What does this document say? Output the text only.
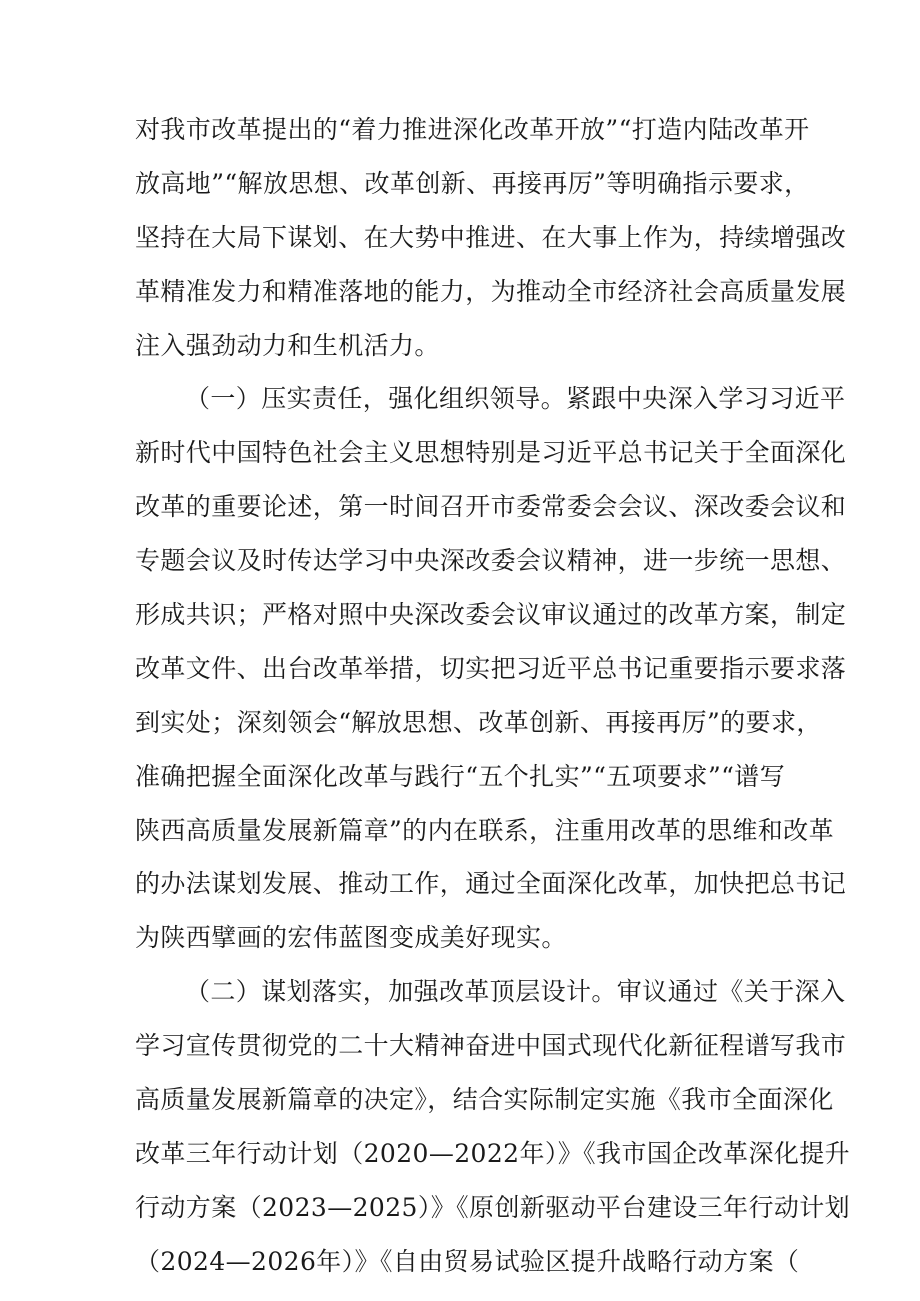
对我市改革提出的“着力推进深化改革开放”“打造内陆改革开
放高地”“解放思想、改革创新、再接再厉”等明确指示要求，
坚持在大局下谋划、在大势中推进、在大事上作为，持续增强改
革精准发力和精准落地的能力，为推动全市经济社会高质量发展
注入强劲动力和生机活力。
（一）压实责任，强化组织领导。紧跟中央深入学习习近平
新时代中国特色社会主义思想特别是习近平总书记关于全面深化
改革的重要论述，第一时间召开市委常委会会议、深改委会议和
专题会议及时传达学习中央深改委会议精神，进一步统一思想、
形成共识；严格对照中央深改委会议审议通过的改革方案，制定
改革文件、出台改革举措，切实把习近平总书记重要指示要求落
到实处；深刻领会“解放思想、改革创新、再接再厉”的要求，
准确把握全面深化改革与践行“五个扎实”“五项要求”“谱写
陕西高质量发展新篇章”的内在联系，注重用改革的思维和改革
的办法谋划发展、推动工作，通过全面深化改革，加快把总书记
为陕西擘画的宏伟蓝图变成美好现实。
（二）谋划落实，加强改革顶层设计。审议通过《关于深入
学习宣传贯彻党的二十大精神奋进中国式现代化新征程谱写我市
高质量发展新篇章的决定》，结合实际制定实施《我市全面深化
改革三年行动计划（2020—2022年）》《我市国企改革深化提升
行动方案（2023—2025）》《原创新驱动平台建设三年行动计划
（2024—2026年）》《自由贸易试验区提升战略行动方案（
